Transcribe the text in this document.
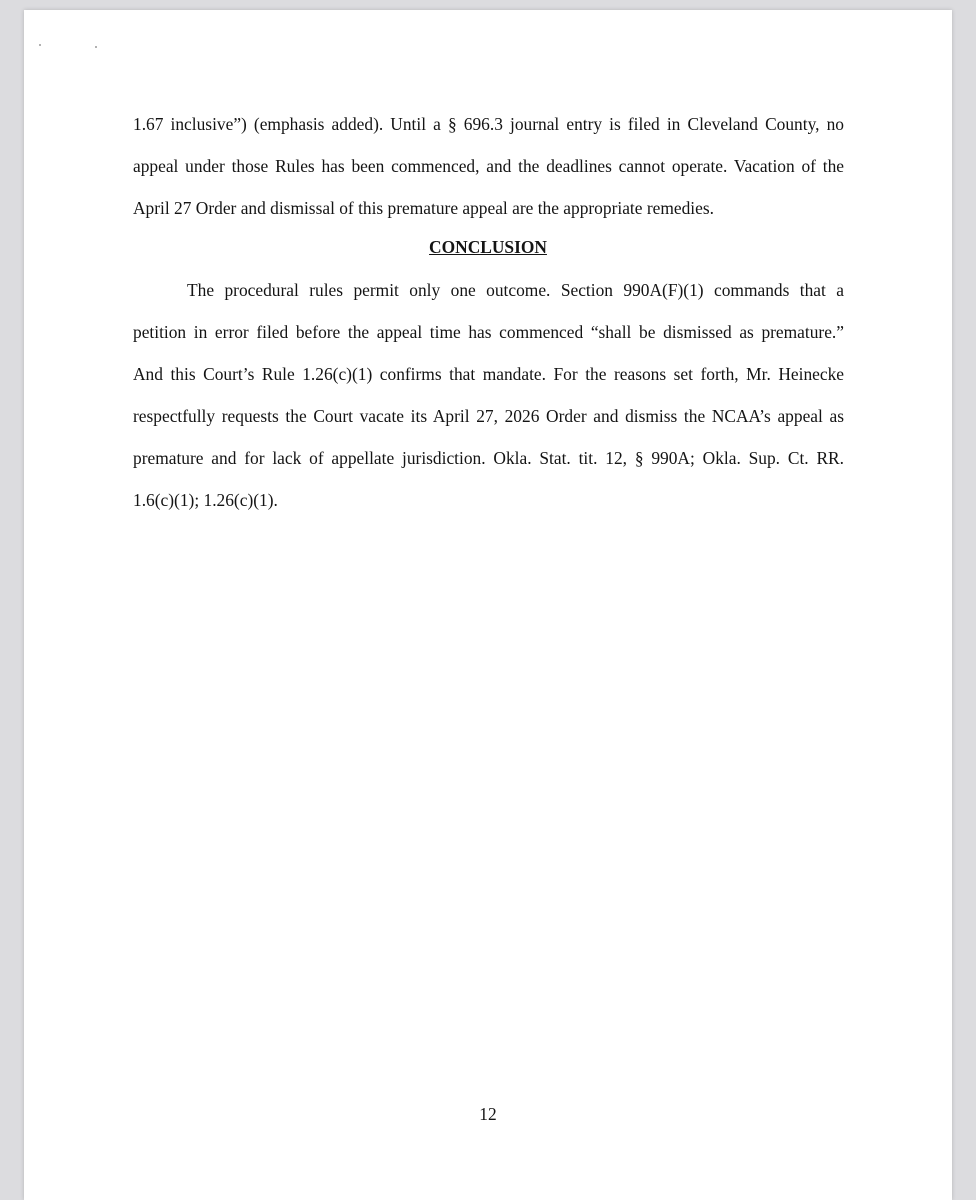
1.67 inclusive”) (emphasis added). Until a § 696.3 journal entry is filed in Cleveland County, no
appeal under those Rules has been commenced, and the deadlines cannot operate. Vacation of the
April 27 Order and dismissal of this premature appeal are the appropriate remedies.
CONCLUSION
The procedural rules permit only one outcome. Section 990A(F)(1) commands that a
petition in error filed before the appeal time has commenced “shall be dismissed as premature.”
And this Court’s Rule 1.26(c)(1) confirms that mandate. For the reasons set forth, Mr. Heinecke
respectfully requests the Court vacate its April 27, 2026 Order and dismiss the NCAA’s appeal as
premature and for lack of appellate jurisdiction. Okla. Stat. tit. 12, § 990A; Okla. Sup. Ct. RR.
1.6(c)(1); 1.26(c)(1).
12
